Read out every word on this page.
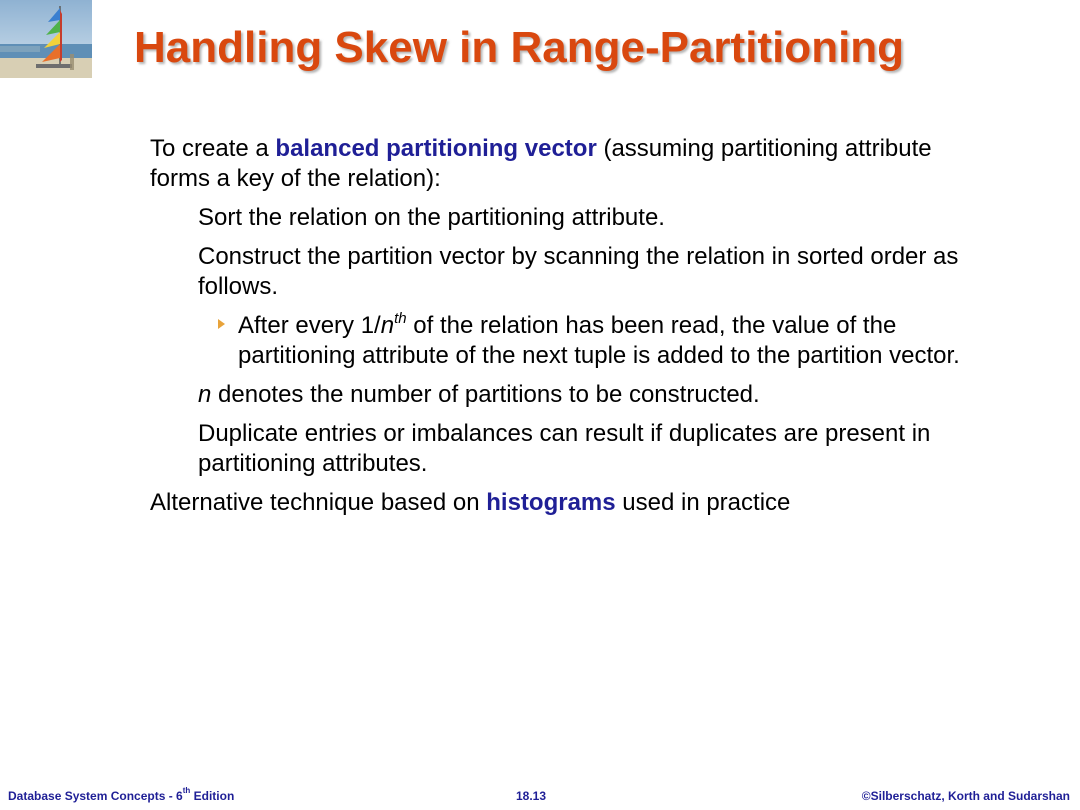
Handling Skew in Range-Partitioning

To create a balanced partitioning vector (assuming partitioning attribute forms a key of the relation):

Sort the relation on the partitioning attribute.

Construct the partition vector by scanning the relation in sorted order as follows.

After every $1/n^{th}$ of the relation has been read, the value of the partitioning attribute of the next tuple is added to the partition vector.

n denotes the number of partitions to be constructed.

Duplicate entries or imbalances can result if duplicates are present in partitioning attributes.

Alternative technique based on histograms used in practice

Database System Concepts - 6th Edition	18.13	©Silberschatz, Korth and Sudarshan
